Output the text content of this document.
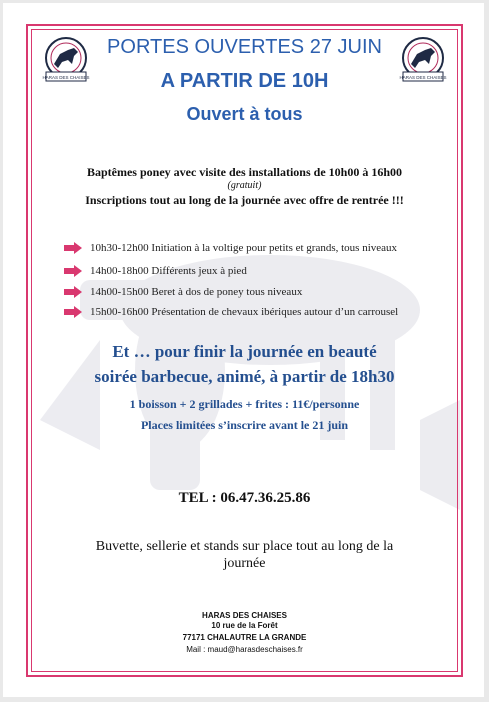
HARAS DES CHAISES	HARAS DES CHAISES
PORTES OUVERTES 27 JUIN
A PARTIR DE 10H
Ouvert à tous
Baptêmes poney avec visite des installations de 10h00 à 16h00
(gratuit)
Inscriptions tout au long de la journée avec offre de rentrée !!!
10h30-12h00 Initiation à la voltige pour petits et grands, tous niveaux
14h00-18h00 Différents jeux à pied
14h00-15h00 Beret à dos de poney tous niveaux
15h00-16h00 Présentation de chevaux ibériques autour d’un carrousel
Et … pour finir la journée en beauté
soirée barbecue, animé, à partir de 18h30
1 boisson + 2 grillades + frites : 11€/personne
Places limitées s’inscrire avant le 21 juin
TEL : 06.47.36.25.86
Buvette, sellerie et stands sur place tout au long de la
journée
HARAS DES CHAISES
10 rue de la Forêt
77171 CHALAUTRE LA GRANDE
Mail : maud@harasdeschaises.fr
